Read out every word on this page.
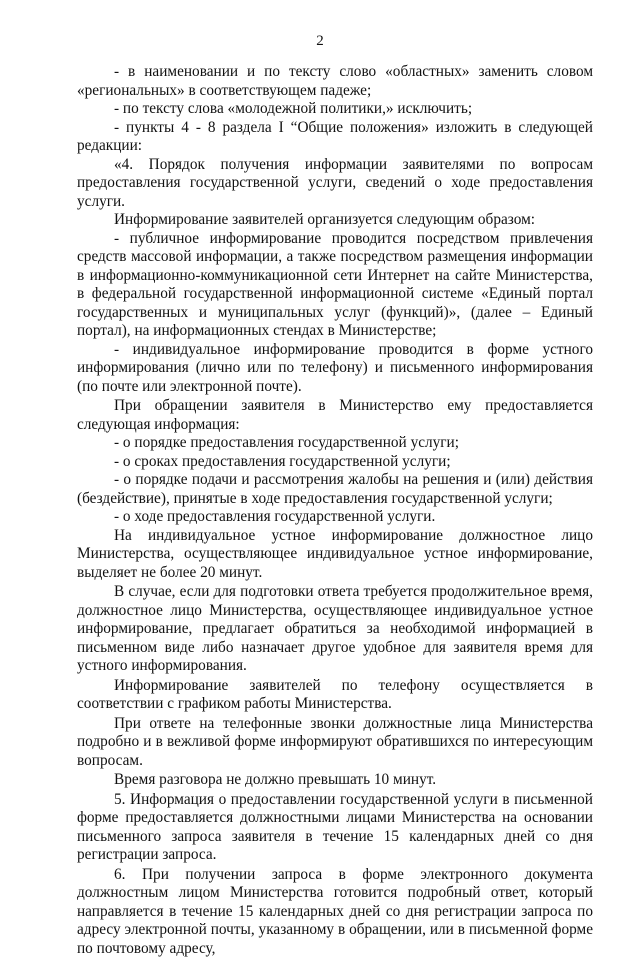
2

- в наименовании и по тексту слово «областных» заменить словом «региональных» в соответствующем падеже;

- по тексту слова «молодежной политики,» исключить;

- пункты 4 - 8 раздела I “Общие положения» изложить в следующей редакции:

«4. Порядок получения информации заявителями по вопросам предоставления государственной услуги, сведений о ходе предоставления услуги.

Информирование заявителей организуется следующим образом:

- публичное информирование проводится посредством привлечения средств массовой информации, а также посредством размещения информации в информационно-коммуникационной сети Интернет на сайте Министерства, в федеральной государственной информационной системе «Единый портал государственных и муниципальных услуг (функций)», (далее – Единый портал), на информационных стендах в Министерстве;

- индивидуальное информирование проводится в форме устного информирования (лично или по телефону) и письменного информирования (по почте или электронной почте).

При обращении заявителя в Министерство ему предоставляется следующая информация:

- о порядке предоставления государственной услуги;

- о сроках предоставления государственной услуги;

- о порядке подачи и рассмотрения жалобы на решения и (или) действия (бездействие), принятые в ходе предоставления государственной услуги;

- о ходе предоставления государственной услуги.

На индивидуальное устное информирование должностное лицо Министерства, осуществляющее индивидуальное устное информирование, выделяет не более 20 минут.

В случае, если для подготовки ответа требуется продолжительное время, должностное лицо Министерства, осуществляющее индивидуальное устное информирование, предлагает обратиться за необходимой информацией в письменном виде либо назначает другое удобное для заявителя время для устного информирования.

Информирование заявителей по телефону осуществляется в соответствии с графиком работы Министерства.

При ответе на телефонные звонки должностные лица Министерства подробно и в вежливой форме информируют обратившихся по интересующим вопросам.

Время разговора не должно превышать 10 минут.

5. Информация о предоставлении государственной услуги в письменной форме предоставляется должностными лицами Министерства на основании письменного запроса заявителя в течение 15 календарных дней со дня регистрации запроса.

6. При получении запроса в форме электронного документа должностным лицом Министерства готовится подробный ответ, который направляется в течение 15 календарных дней со дня регистрации запроса по адресу электронной почты, указанному в обращении, или в письменной форме по почтовому адресу,
